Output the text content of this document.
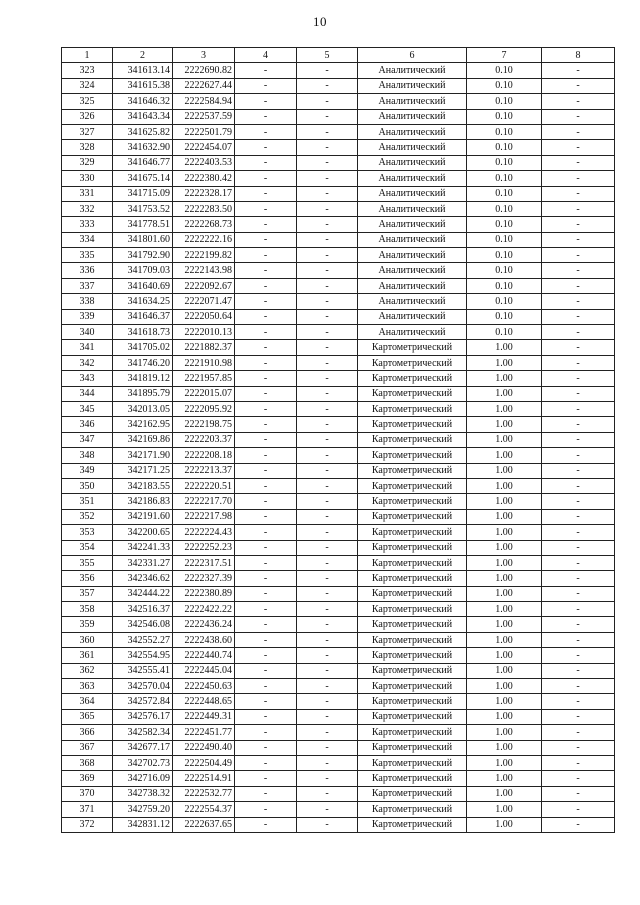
10
1	2	3	4	5	6	7	8
323	341613.14	2222690.82	-	-	Аналитический	0.10	-
324	341615.38	2222627.44	-	-	Аналитический	0.10	-
325	341646.32	2222584.94	-	-	Аналитический	0.10	-
326	341643.34	2222537.59	-	-	Аналитический	0.10	-
327	341625.82	2222501.79	-	-	Аналитический	0.10	-
328	341632.90	2222454.07	-	-	Аналитический	0.10	-
329	341646.77	2222403.53	-	-	Аналитический	0.10	-
330	341675.14	2222380.42	-	-	Аналитический	0.10	-
331	341715.09	2222328.17	-	-	Аналитический	0.10	-
332	341753.52	2222283.50	-	-	Аналитический	0.10	-
333	341778.51	2222268.73	-	-	Аналитический	0.10	-
334	341801.60	2222222.16	-	-	Аналитический	0.10	-
335	341792.90	2222199.82	-	-	Аналитический	0.10	-
336	341709.03	2222143.98	-	-	Аналитический	0.10	-
337	341640.69	2222092.67	-	-	Аналитический	0.10	-
338	341634.25	2222071.47	-	-	Аналитический	0.10	-
339	341646.37	2222050.64	-	-	Аналитический	0.10	-
340	341618.73	2222010.13	-	-	Аналитический	0.10	-
341	341705.02	2221882.37	-	-	Картометрический	1.00	-
342	341746.20	2221910.98	-	-	Картометрический	1.00	-
343	341819.12	2221957.85	-	-	Картометрический	1.00	-
344	341895.79	2222015.07	-	-	Картометрический	1.00	-
345	342013.05	2222095.92	-	-	Картометрический	1.00	-
346	342162.95	2222198.75	-	-	Картометрический	1.00	-
347	342169.86	2222203.37	-	-	Картометрический	1.00	-
348	342171.90	2222208.18	-	-	Картометрический	1.00	-
349	342171.25	2222213.37	-	-	Картометрический	1.00	-
350	342183.55	2222220.51	-	-	Картометрический	1.00	-
351	342186.83	2222217.70	-	-	Картометрический	1.00	-
352	342191.60	2222217.98	-	-	Картометрический	1.00	-
353	342200.65	2222224.43	-	-	Картометрический	1.00	-
354	342241.33	2222252.23	-	-	Картометрический	1.00	-
355	342331.27	2222317.51	-	-	Картометрический	1.00	-
356	342346.62	2222327.39	-	-	Картометрический	1.00	-
357	342444.22	2222380.89	-	-	Картометрический	1.00	-
358	342516.37	2222422.22	-	-	Картометрический	1.00	-
359	342546.08	2222436.24	-	-	Картометрический	1.00	-
360	342552.27	2222438.60	-	-	Картометрический	1.00	-
361	342554.95	2222440.74	-	-	Картометрический	1.00	-
362	342555.41	2222445.04	-	-	Картометрический	1.00	-
363	342570.04	2222450.63	-	-	Картометрический	1.00	-
364	342572.84	2222448.65	-	-	Картометрический	1.00	-
365	342576.17	2222449.31	-	-	Картометрический	1.00	-
366	342582.34	2222451.77	-	-	Картометрический	1.00	-
367	342677.17	2222490.40	-	-	Картометрический	1.00	-
368	342702.73	2222504.49	-	-	Картометрический	1.00	-
369	342716.09	2222514.91	-	-	Картометрический	1.00	-
370	342738.32	2222532.77	-	-	Картометрический	1.00	-
371	342759.20	2222554.37	-	-	Картометрический	1.00	-
372	342831.12	2222637.65	-	-	Картометрический	1.00	-
